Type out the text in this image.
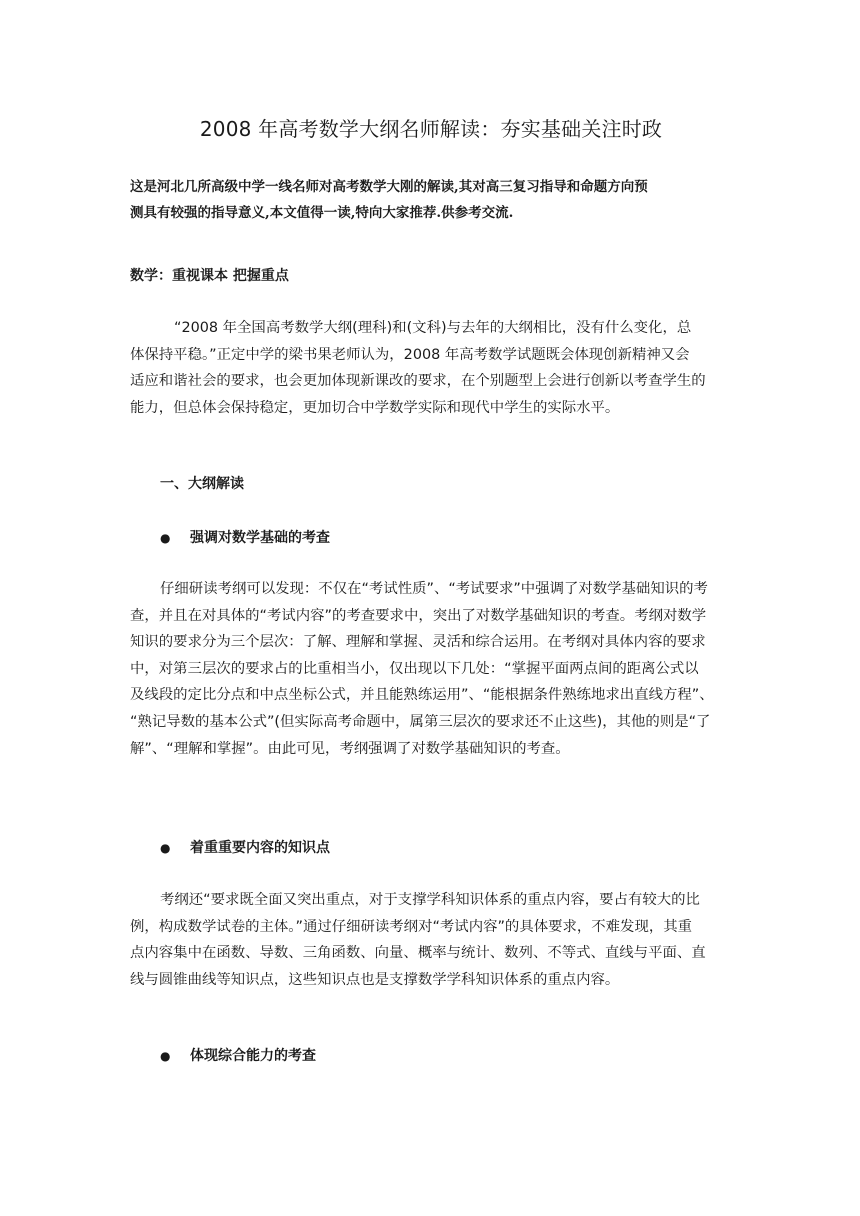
2008 年高考数学大纲名师解读：夯实基础关注时政

这是河北几所高级中学一线名师对高考数学大刚的解读,其对高三复习指导和命题方向预

测具有较强的指导意义,本文值得一读,特向大家推荐.供参考交流.

数学：重视课本 把握重点

“2008 年全国高考数学大纲(理科)和(文科)与去年的大纲相比，没有什么变化，总

体保持平稳。”正定中学的梁书果老师认为，2008 年高考数学试题既会体现创新精神又会

适应和谐社会的要求，也会更加体现新课改的要求，在个别题型上会进行创新以考查学生的

能力，但总体会保持稳定，更加切合中学数学实际和现代中学生的实际水平。

一、大纲解读
● 强调对数学基础的考查

仔细研读考纲可以发现：不仅在“考试性质”、“考试要求”中强调了对数学基础知识的考

查，并且在对具体的“考试内容”的考查要求中，突出了对数学基础知识的考查。考纲对数学

知识的要求分为三个层次：了解、理解和掌握、灵活和综合运用。在考纲对具体内容的要求

中，对第三层次的要求占的比重相当小，仅出现以下几处：“掌握平面两点间的距离公式以

及线段的定比分点和中点坐标公式，并且能熟练运用”、“能根据条件熟练地求出直线方程”、

“熟记导数的基本公式”(但实际高考命题中，属第三层次的要求还不止这些)，其他的则是“了

解”、“理解和掌握”。由此可见，考纲强调了对数学基础知识的考查。

● 着重重要内容的知识点

考纲还“要求既全面又突出重点，对于支撑学科知识体系的重点内容，要占有较大的比

例，构成数学试卷的主体。”通过仔细研读考纲对“考试内容”的具体要求，不难发现，其重

点内容集中在函数、导数、三角函数、向量、概率与统计、数列、不等式、直线与平面、直

线与圆锥曲线等知识点，这些知识点也是支撑数学学科知识体系的重点内容。

● 体现综合能力的考查
